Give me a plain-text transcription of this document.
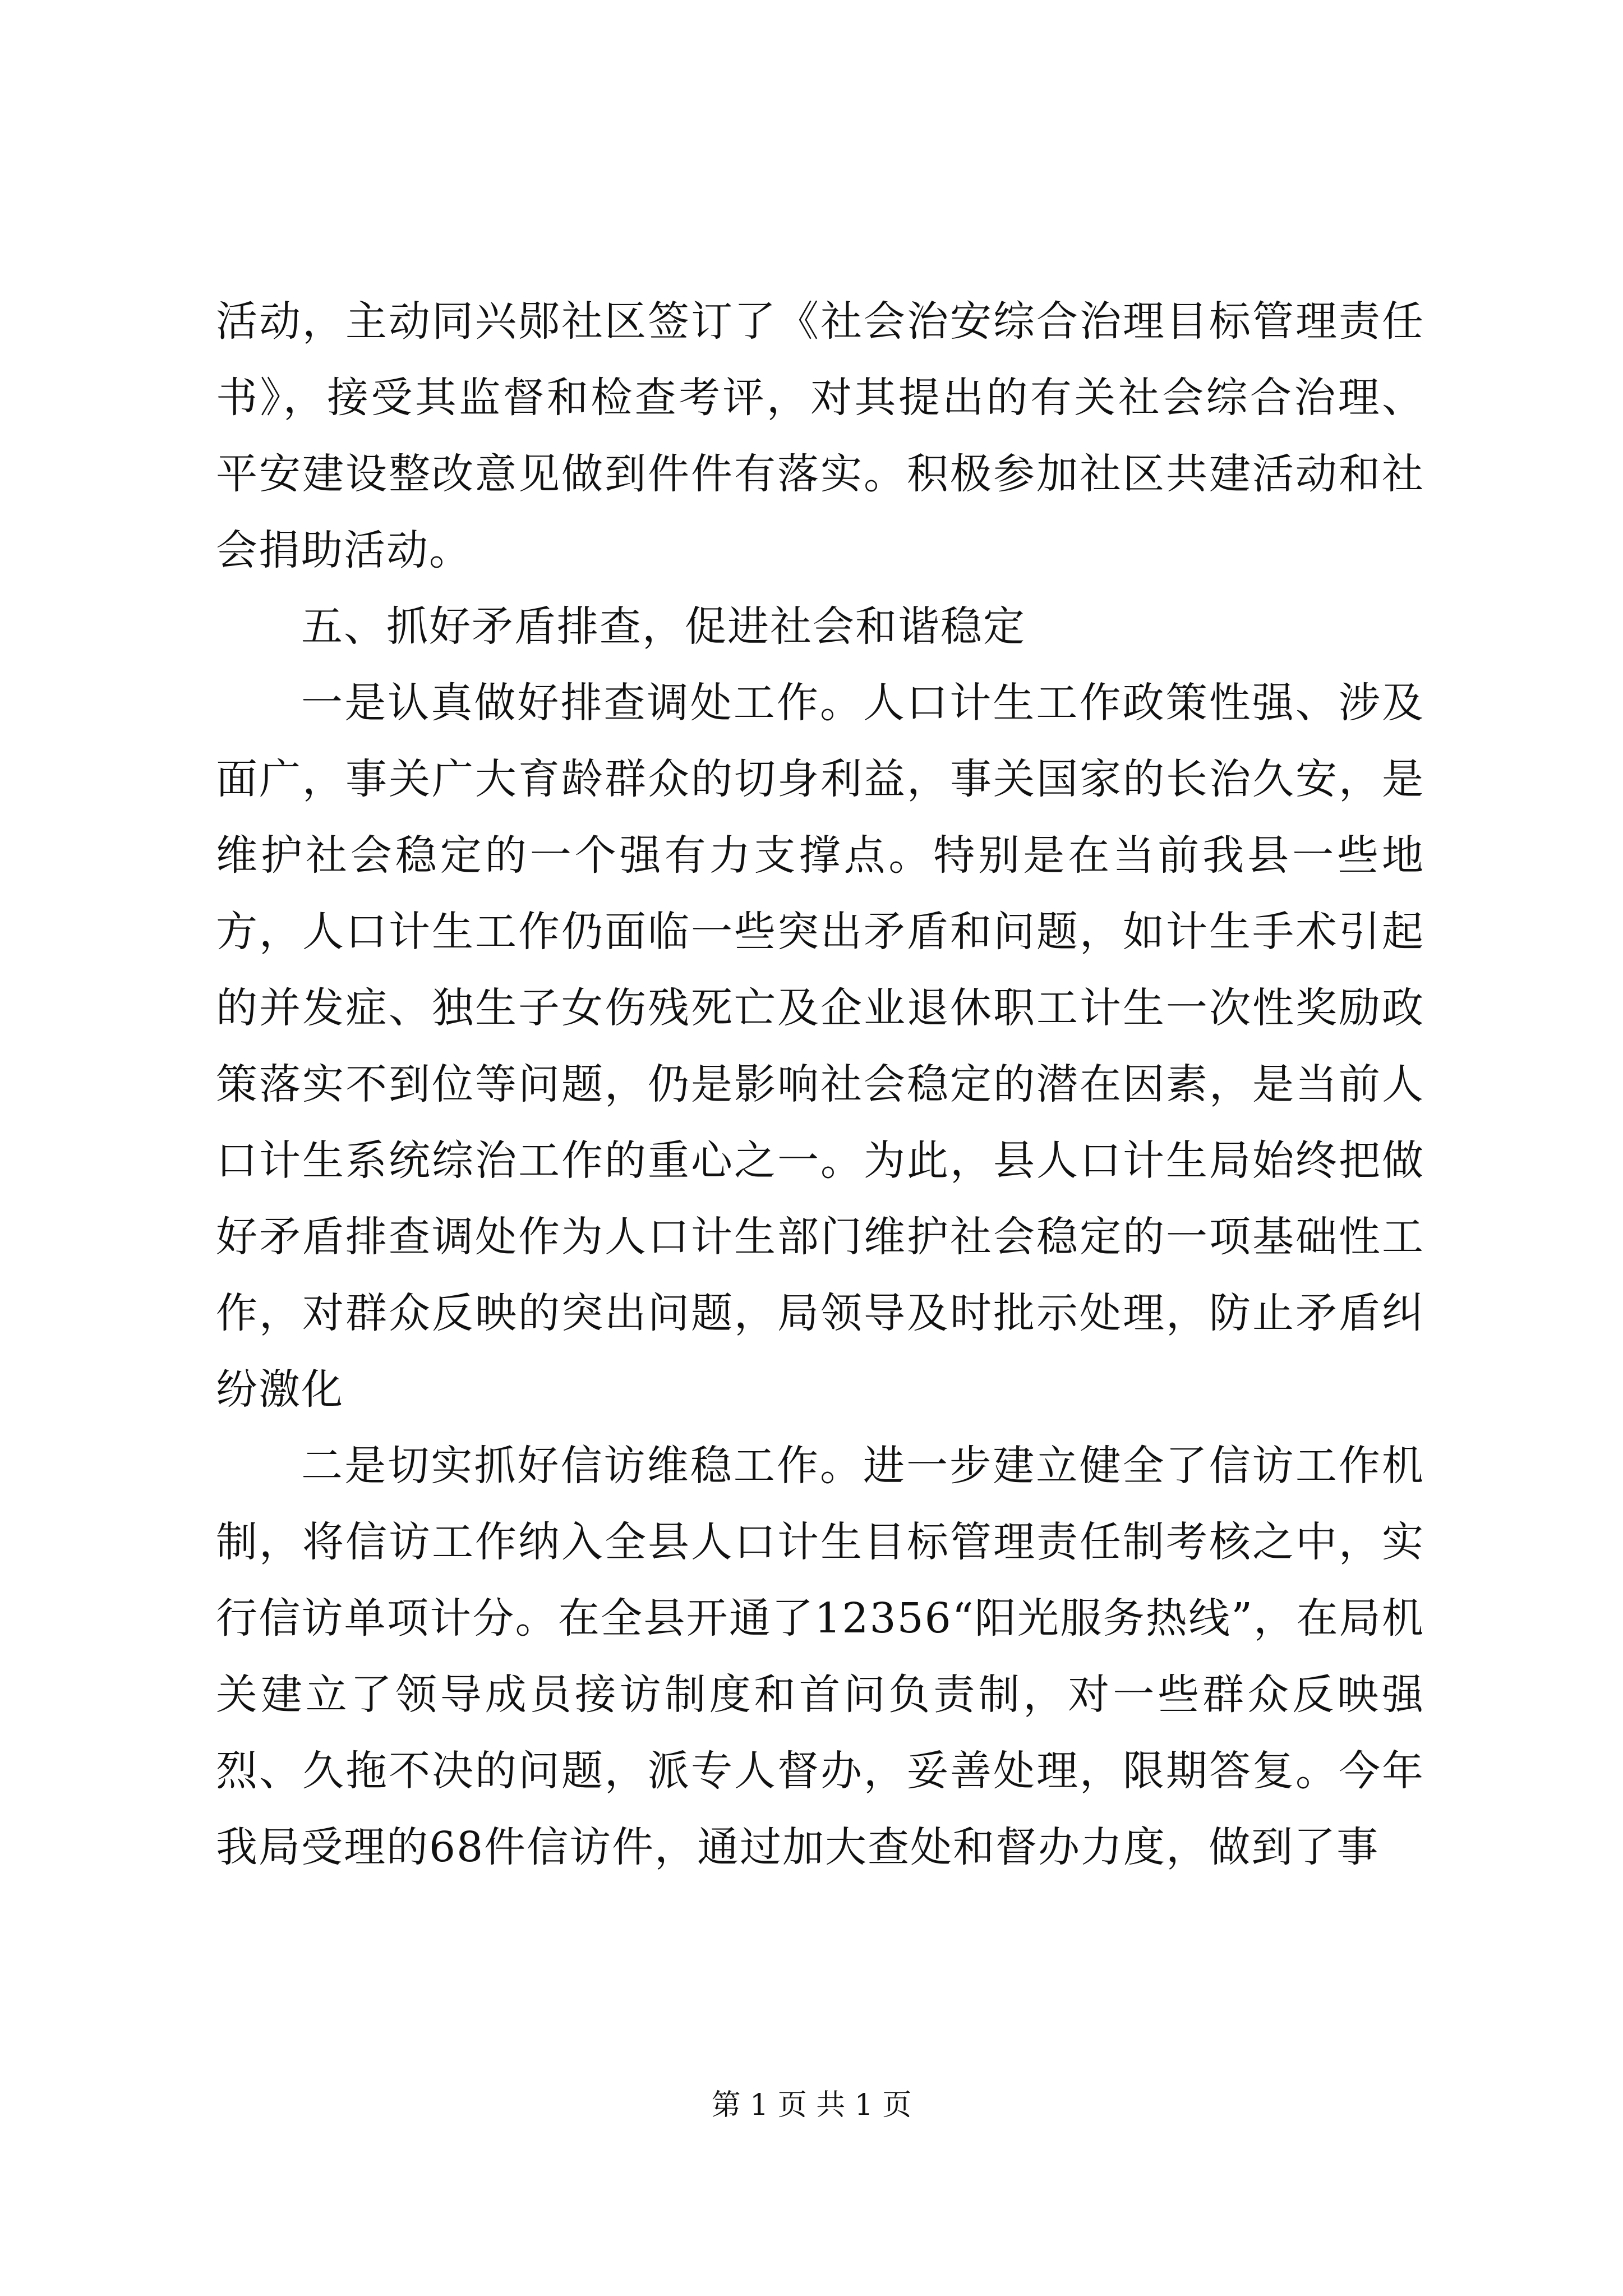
活动，主动同兴郧社区签订了《社会治安综合治理目标管理责任书》，接受其监督和检查考评，对其提出的有关社会综合治理、平安建设整改意见做到件件有落实。积极参加社区共建活动和社会捐助活动。

五、抓好矛盾排查，促进社会和谐稳定

一是认真做好排查调处工作。人口计生工作政策性强、涉及面广，事关广大育龄群众的切身利益，事关国家的长治久安，是维护社会稳定的一个强有力支撑点。特别是在当前我县一些地方，人口计生工作仍面临一些突出矛盾和问题，如计生手术引起的并发症、独生子女伤残死亡及企业退休职工计生一次性奖励政策落实不到位等问题，仍是影响社会稳定的潜在因素，是当前人口计生系统综治工作的重心之一。为此，县人口计生局始终把做好矛盾排查调处作为人口计生部门维护社会稳定的一项基础性工作，对群众反映的突出问题，局领导及时批示处理，防止矛盾纠纷激化

二是切实抓好信访维稳工作。进一步建立健全了信访工作机制，将信访工作纳入全县人口计生目标管理责任制考核之中，实行信访单项计分。在全县开通了12356“阳光服务热线”，在局机关建立了领导成员接访制度和首问负责制，对一些群众反映强烈、久拖不决的问题，派专人督办，妥善处理，限期答复。今年我局受理的68件信访件，通过加大查处和督办力度，做到了事

第 1 页 共 1 页
